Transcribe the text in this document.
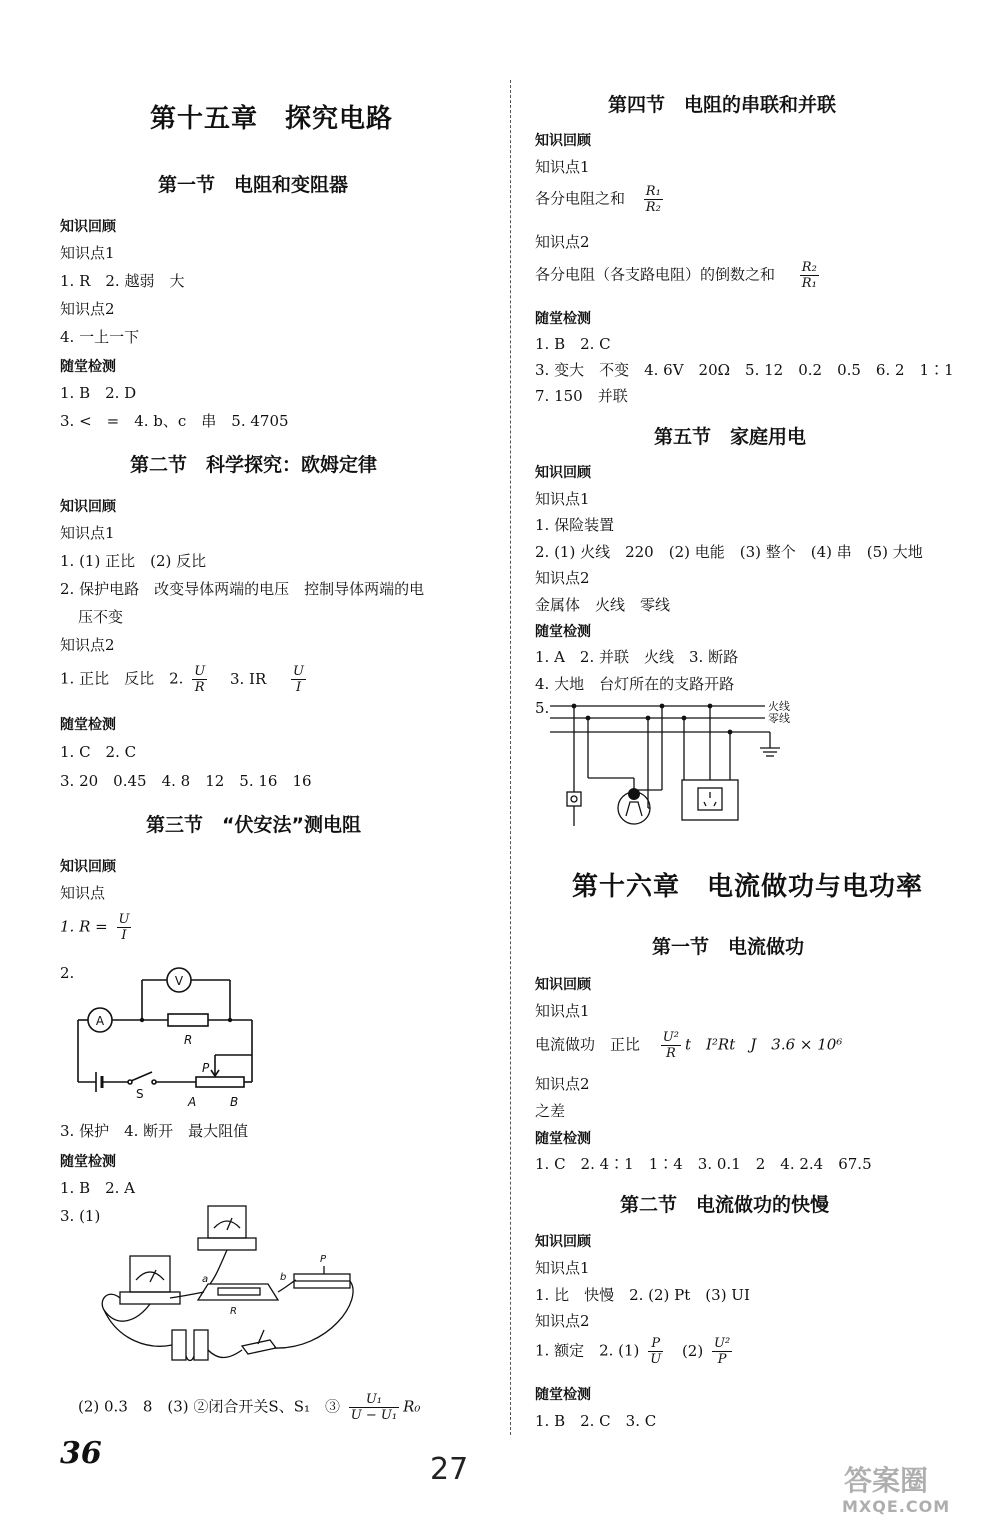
第十五章　探究电路
第一节　电阻和变阻器
知识回顾
知识点1
1. R　2. 越弱　大
知识点2
4. 一上一下
随堂检测
1. B　2. D
3. <　=　4. b、c　串　5. 4705
第二节　科学探究：欧姆定律
知识回顾
知识点1
1. (1) 正比　(2) 反比
2. 保护电路　改变导体两端的电压　控制导体两端的电
压不变
知识点2
1. 正比　反比　2. $\frac{U}{R} 3$. IR $\frac{U}{I}$
随堂检测
1. C　2. C
3. 20　0.45　4. 8　12　5. 16　16
第三节　“伏安法”测电阻
知识回顾
知识点
1. $R = \frac{U}{I}$
2.
A
V
R
P
S
A	B
3. 保护　4. 断开　最大阻值
随堂检测
1. B　2. A
3. (1)
R
P
a	b
(2) 0.3　8　(3) ②闭合开关S、S₁　③ $\frac{\text{U₁}}{\text{U − U₁}} R_0$
第四节　电阻的串联和并联
知识回顾
知识点1
各分电阻之和 $\frac{\text{R₁}}{\text{R₂}}$
知识点2
各分电阻（各支路电阻）的倒数之和 $\frac{\text{R₂}}{\text{R₁}}$
随堂检测
1. B　2. C
3. 变大　不变　4. 6V　20Ω　5. 12　0.2　0.5　6. 2　1∶1
7. 150　并联
第五节　家庭用电
知识回顾
知识点1
1. 保险装置
2. (1) 火线　220　(2) 电能　(3) 整个　(4) 串　(5) 大地
知识点2
金属体　火线　零线
随堂检测
1. A　2. 并联　火线　3. 断路
4. 大地　台灯所在的支路开路
5.	火线
零线
第十六章　电流做功与电功率
第一节　电流做功
知识回顾
知识点1
电流做功　正比 $\frac{\text{U²}}{R}$ t　I²Rt　J　3.6 × 10⁶
知识点2
之差
随堂检测
1. C　2. 4∶1　1∶4　3. 0.1　2　4. 2.4　67.5
第二节　电流做功的快慢
知识回顾
知识点1
1. 比　快慢　2. (2) Pt　(3) UI
知识点2
1. 额定　2. $(1) \frac{P}{U} (2) \frac{\text{U²}}{P}$
随堂检测
1. B　2. C　3. C
36	27	答案圈
MXQE.COM
